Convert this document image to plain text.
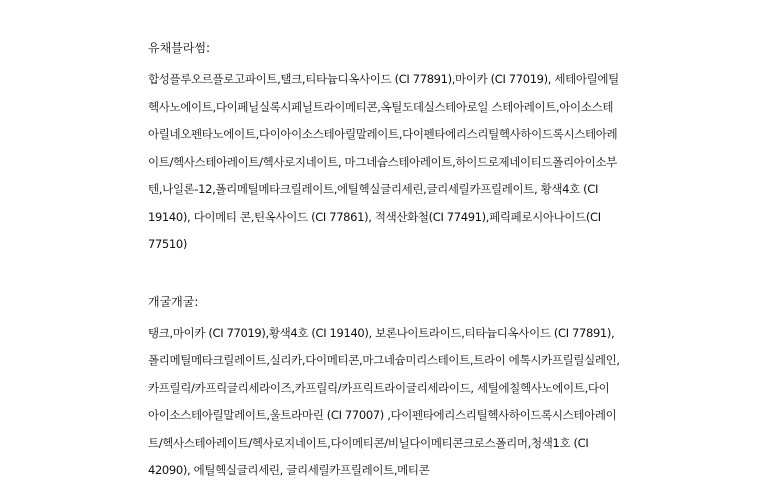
유채블라썸:
합성플루오르플로고파이트,탤크,티타늄디옥사이드 (CI 77891),마이카 (CI 77019), 세테아릴에틸
헥사노에이트,다이페닐실록시페닐트라이메티콘,옥틸도데실스테아로일 스테아레이트,아이소스테
아릴네오펜타노에이트,다이아이소스테아릴말레이트,다이펜타에리스리틸헥사하이드록시스테아레
이트/헥사스테아레이트/헥사로지네이트, 마그네슘스테아레이트,하이드로제네이티드폴리아이소부
텐,나일론-12,폴리메틸메타크릴레이트,에틸헥실글리세린,글리세릴카프릴레이트, 황색4호 (CI
19140), 다이메티 콘,틴옥사이드 (CI 77861), 적색산화철(CI 77491),페릭페로시아나이드(CI
77510)
개굴개굴:
탱크,마이카 (CI 77019),황색4호 (CI 19140), 보론나이트라이드,티타늄디옥사이드 (CI 77891),
폴리메틸메타크릴레이트,실리카,다이메티콘,마그네슘미리스테이트,트라이 에톡시카프릴릴실레인,
카프릴릭/카프릭글리세라이즈,카프릴릭/카프릭트라이글리세라이드, 세틸에칠헥사노에이트,다이
아이소스테아릴말레이트,울트라마린 (CI 77007) ,다이펜타에리스리틸헥사하이드록시스테아레이
트/헥사스테아레이트/헥사로지네이트,다이메티콘/비닐다이메티콘크로스폴리머,청색1호 (CI
42090), 에틸헥실글리세린, 글리세릴카프릴레이트,메티콘
